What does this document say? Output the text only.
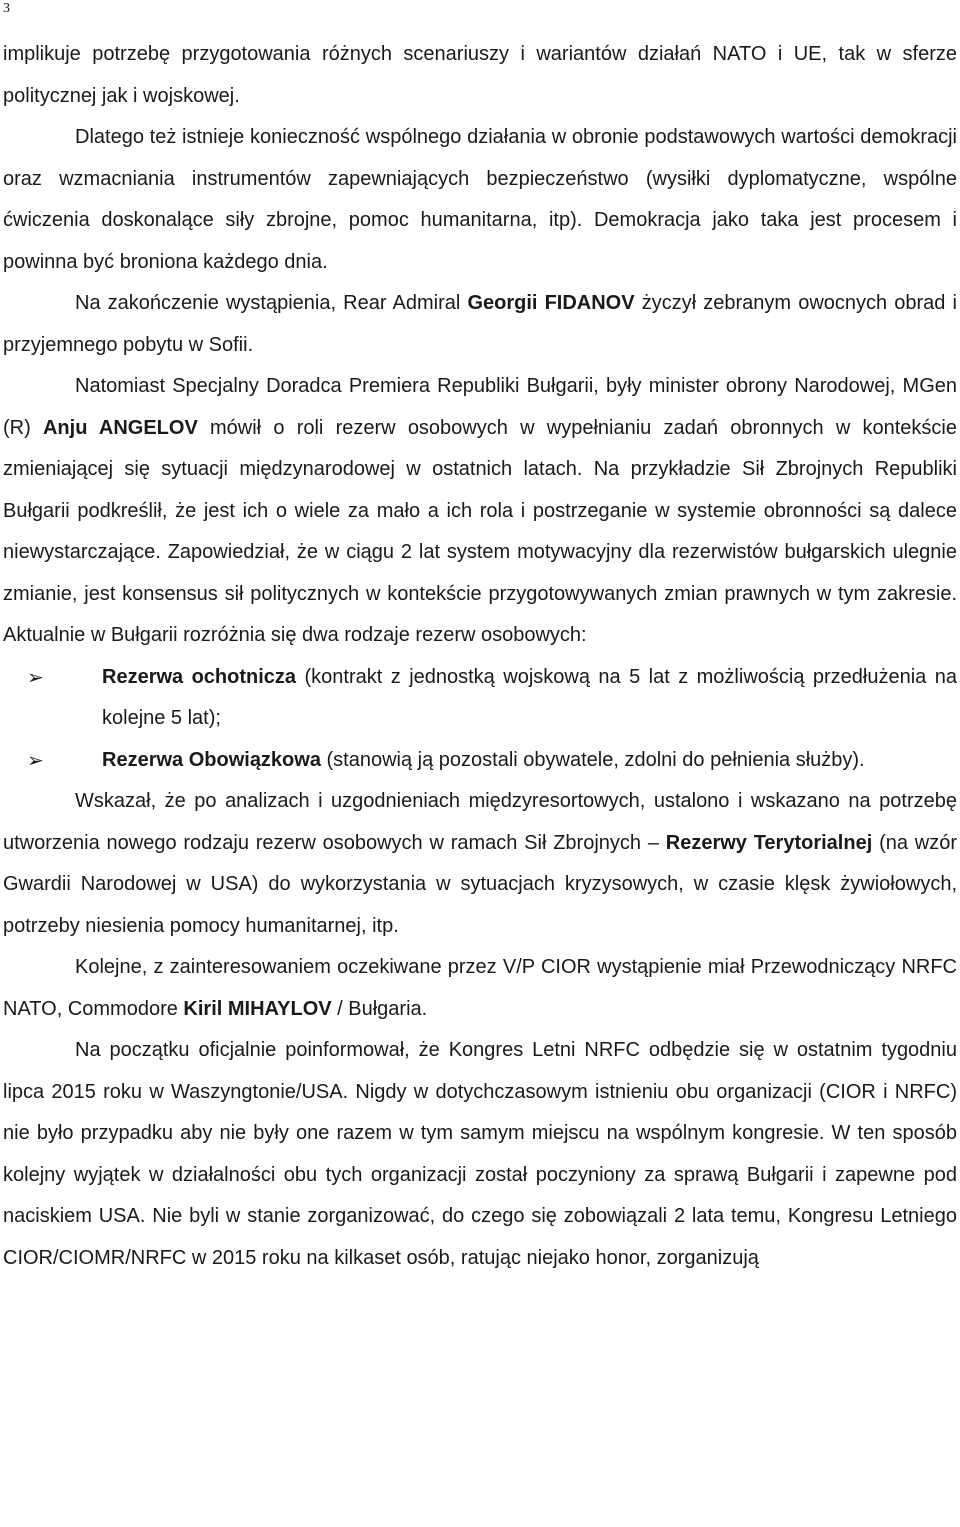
3

implikuje potrzebę przygotowania różnych scenariuszy i wariantów działań NATO i UE, tak w sferze politycznej jak i wojskowej.

Dlatego też istnieje konieczność wspólnego działania w obronie podstawowych wartości demokracji oraz wzmacniania instrumentów zapewniających bezpieczeństwo (wysiłki dyplomatyczne, wspólne ćwiczenia doskonalące siły zbrojne, pomoc humanitarna, itp). Demokracja jako taka jest procesem i powinna być broniona każdego dnia.

Na zakończenie wystąpienia, Rear Admiral Georgii FIDANOV życzył zebranym owocnych obrad i przyjemnego pobytu w Sofii.

Natomiast Specjalny Doradca Premiera Republiki Bułgarii, były minister obrony Narodowej, MGen (R) Anju ANGELOV mówił o roli rezerw osobowych w wypełnianiu zadań obronnych w kontekście zmieniającej się sytuacji międzynarodowej w ostatnich latach. Na przykładzie Sił Zbrojnych Republiki Bułgarii podkreślił, że jest ich o wiele za mało a ich rola i postrzeganie w systemie obronności są dalece niewystarczające. Zapowiedział, że w ciągu 2 lat system motywacyjny dla rezerwistów bułgarskich ulegnie zmianie, jest konsensus sił politycznych w kontekście przygotowywanych zmian prawnych w tym zakresie. Aktualnie w Bułgarii rozróżnia się dwa rodzaje rezerw osobowych:

➢	Rezerwa ochotnicza (kontrakt z jednostką wojskową na 5 lat z możliwością przedłużenia na kolejne 5 lat);
➢	Rezerwa Obowiązkowa (stanowią ją pozostali obywatele, zdolni do pełnienia służby).

Wskazał, że po analizach i uzgodnieniach międzyresortowych, ustalono i wskazano na potrzebę utworzenia nowego rodzaju rezerw osobowych w ramach Sił Zbrojnych – Rezerwy Terytorialnej (na wzór Gwardii Narodowej w USA) do wykorzystania w sytuacjach kryzysowych, w czasie klęsk żywiołowych, potrzeby niesienia pomocy humanitarnej, itp.

Kolejne, z zainteresowaniem oczekiwane przez V/P CIOR wystąpienie miał Przewodniczący NRFC NATO, Commodore Kiril MIHAYLOV / Bułgaria.

Na początku oficjalnie poinformował, że Kongres Letni NRFC odbędzie się w ostatnim tygodniu lipca 2015 roku w Waszyngtonie/USA. Nigdy w dotychczasowym istnieniu obu organizacji (CIOR i NRFC) nie było przypadku aby nie były one razem w tym samym miejscu na wspólnym kongresie. W ten sposób kolejny wyjątek w działalności obu tych organizacji został poczyniony za sprawą Bułgarii i zapewne pod naciskiem USA. Nie byli w stanie zorganizować, do czego się zobowiązali 2 lata temu, Kongresu Letniego CIOR/CIOMR/NRFC w 2015 roku na kilkaset osób, ratując niejako honor, zorganizują
